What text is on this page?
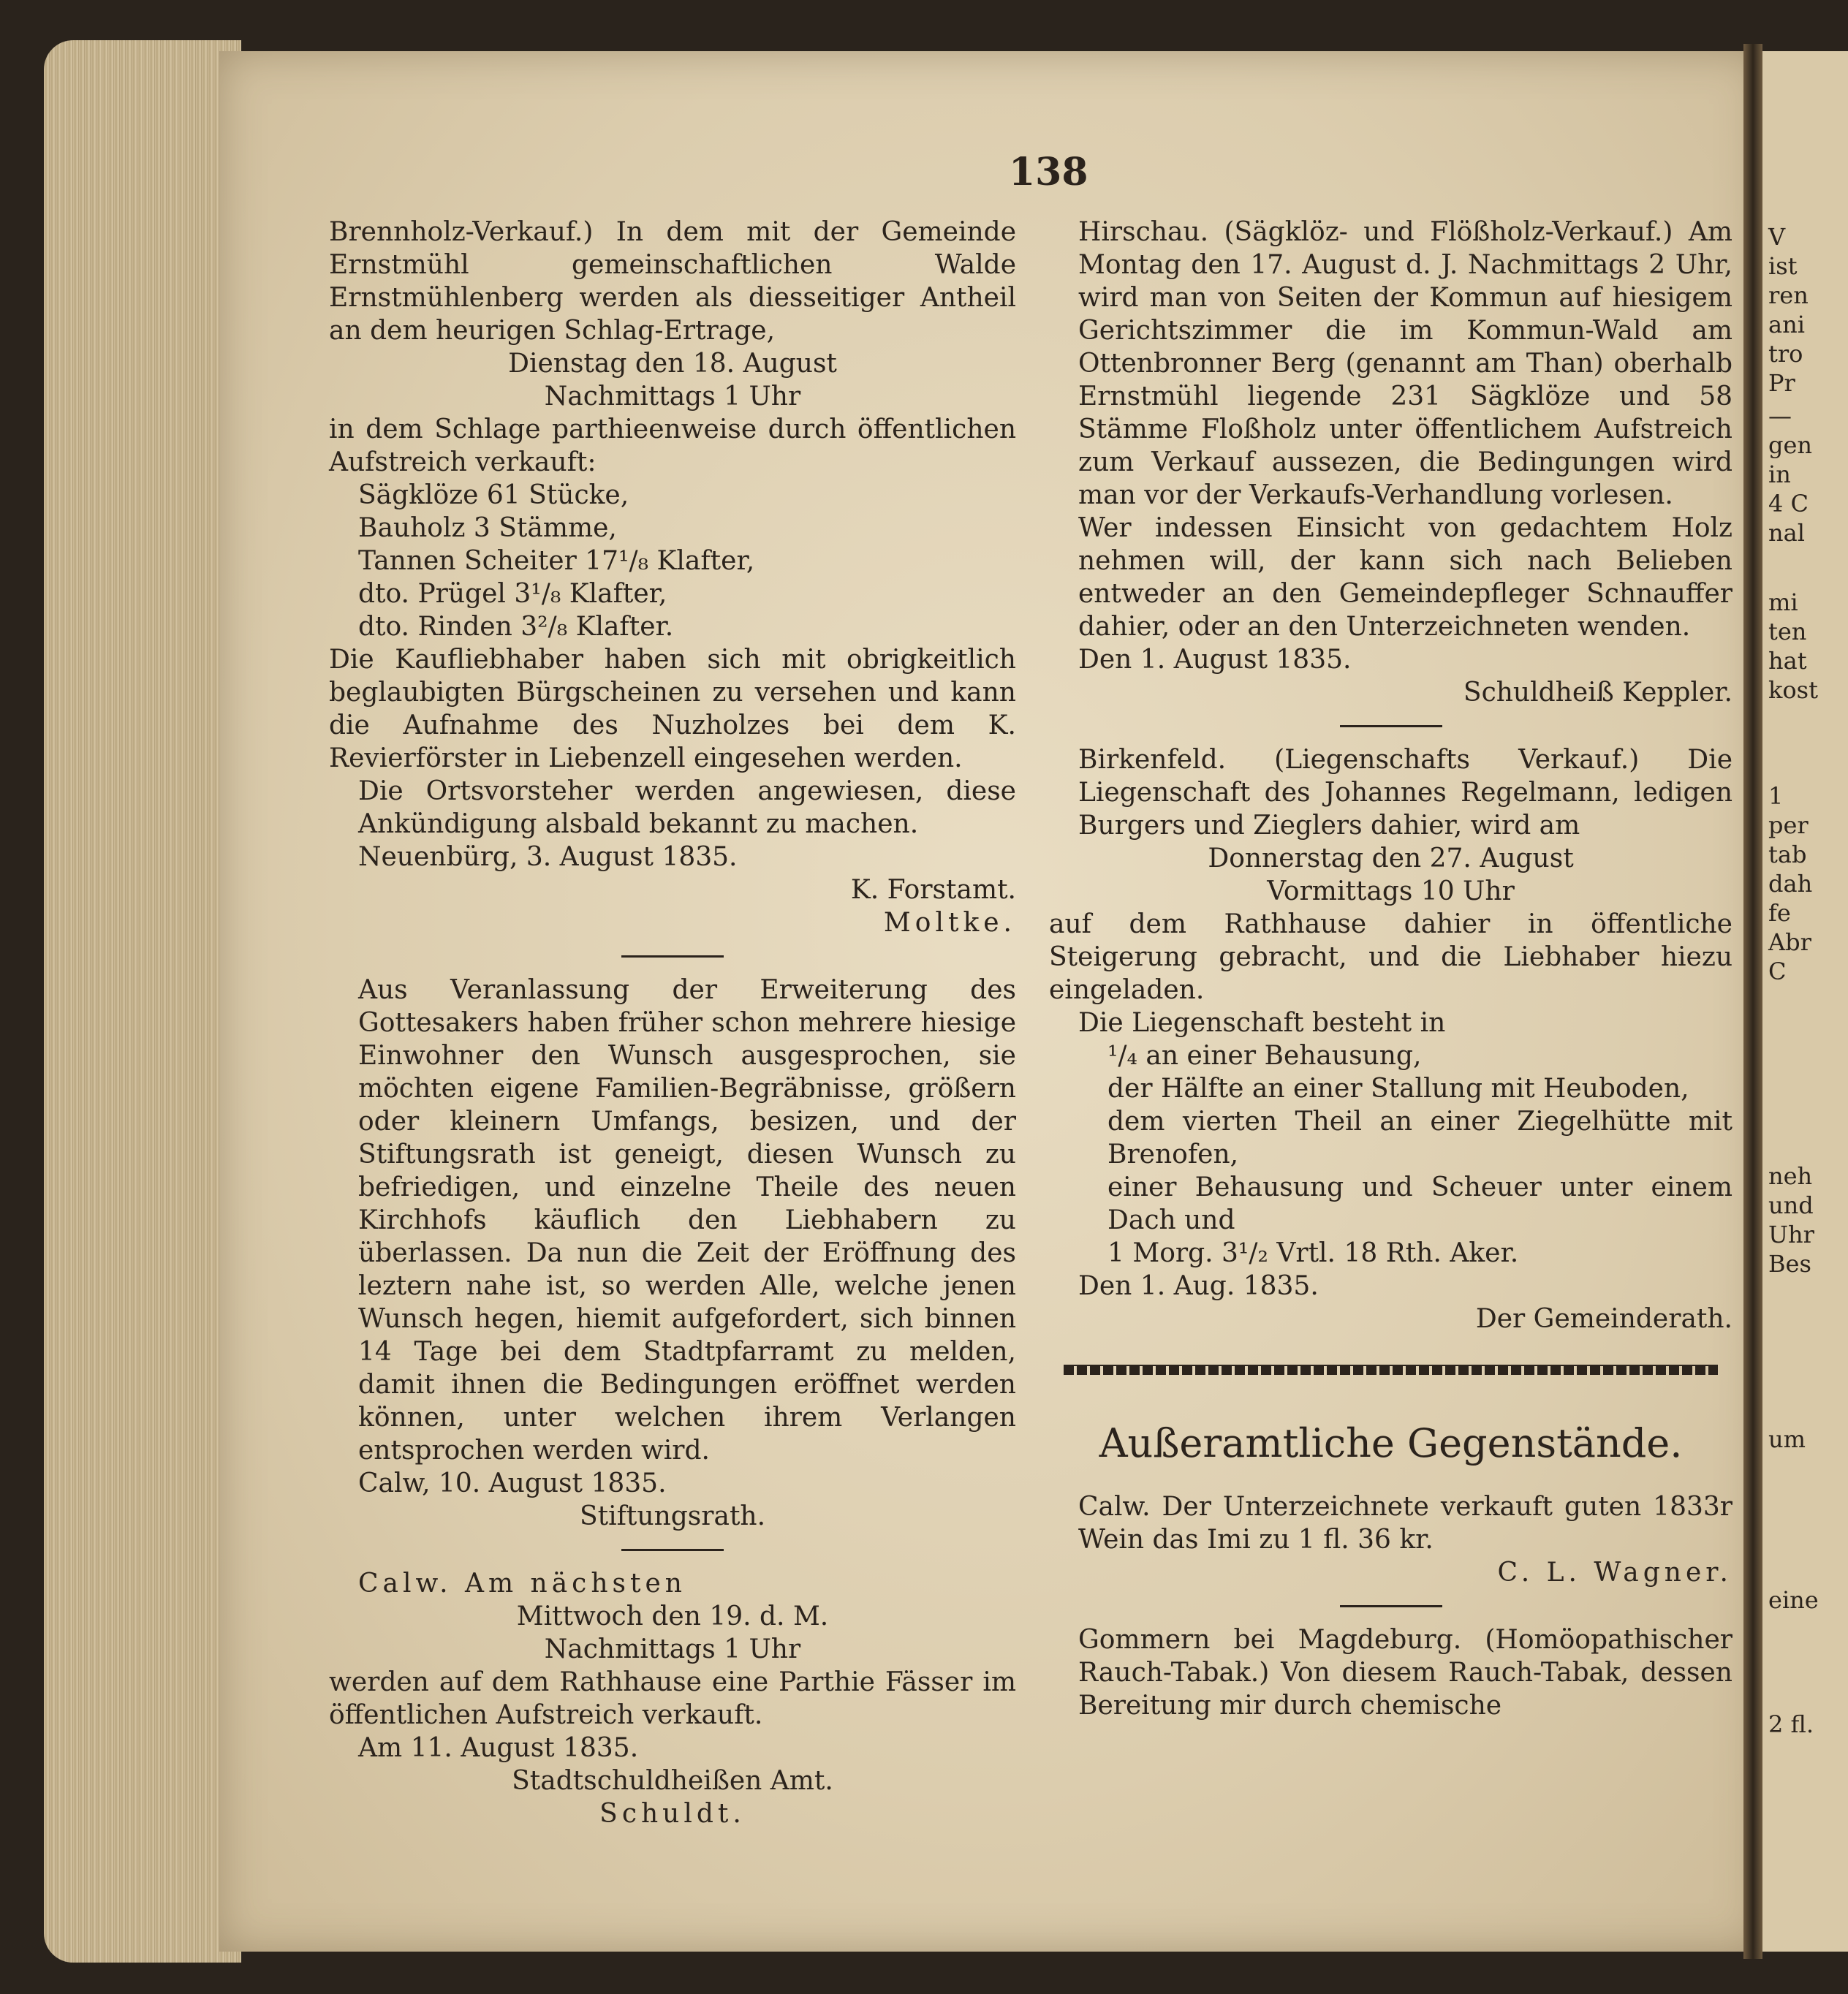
V
ist
ren
ani
tro
Pr
—
gen
in
4 C
nal
mi
ten
hat
kost
1
per
tab
dah
fe
Abr
C
neh
und
Uhr
Bes
um
eine
2 fl.
138

Brennholz-Verkauf.) In dem mit der Gemeinde Ernstmühl gemeinschaftlichen Walde Ernstmühlenberg werden als diesseitiger Antheil an dem heurigen Schlag-Ertrage,

Dienstag den 18. August

Nachmittags 1 Uhr

in dem Schlage parthieenweise durch öffentlichen Aufstreich verkauft:

Sägklöze 61 Stücke,

Bauholz 3 Stämme,

Tannen Scheiter 17¹/₈ Klafter,

dto. Prügel 3¹/₈ Klafter,

dto. Rinden 3²/₈ Klafter.

Die Kaufliebhaber haben sich mit obrigkeitlich beglaubigten Bürgscheinen zu versehen und kann die Aufnahme des Nuzholzes bei dem K. Revierförster in Liebenzell eingesehen werden.

Die Ortsvorsteher werden angewiesen, diese Ankündigung alsbald bekannt zu machen.

Neuenbürg, 3. August 1835.

K. Forstamt.

Moltke.

Aus Veranlassung der Erweiterung des Gottesakers haben früher schon mehrere hiesige Einwohner den Wunsch ausgesprochen, sie möchten eigene Familien-Begräbnisse, größern oder kleinern Umfangs, besizen, und der Stiftungsrath ist geneigt, diesen Wunsch zu befriedigen, und einzelne Theile des neuen Kirchhofs käuflich den Liebhabern zu überlassen. Da nun die Zeit der Eröffnung des leztern nahe ist, so werden Alle, welche jenen Wunsch hegen, hiemit aufgefordert, sich binnen 14 Tage bei dem Stadtpfarramt zu melden, damit ihnen die Bedingungen eröffnet werden können, unter welchen ihrem Verlangen entsprochen werden wird.

Calw, 10. August 1835.

Stiftungsrath.

Calw. Am nächsten

Mittwoch den 19. d. M.

Nachmittags 1 Uhr

werden auf dem Rathhause eine Parthie Fässer im öffentlichen Aufstreich verkauft.

Am 11. August 1835.

Stadtschuldheißen Amt.

Schuldt.

Hirschau. (Sägklöz- und Flößholz-Verkauf.) Am Montag den 17. August d. J. Nachmittags 2 Uhr, wird man von Seiten der Kommun auf hiesigem Gerichtszimmer die im Kommun-Wald am Ottenbronner Berg (genannt am Than) oberhalb Ernstmühl liegende 231 Sägklöze und 58 Stämme Floßholz unter öffentlichem Aufstreich zum Verkauf aussezen, die Bedingungen wird man vor der Verkaufs-Verhandlung vorlesen.

Wer indessen Einsicht von gedachtem Holz nehmen will, der kann sich nach Belieben entweder an den Gemeindepfleger Schnauffer dahier, oder an den Unterzeichneten wenden.

Den 1. August 1835.

Schuldheiß Keppler.

Birkenfeld. (Liegenschafts Verkauf.) Die Liegenschaft des Johannes Regelmann, ledigen Burgers und Zieglers dahier, wird am

Donnerstag den 27. August

Vormittags 10 Uhr

auf dem Rathhause dahier in öffentliche Steigerung gebracht, und die Liebhaber hiezu eingeladen.

Die Liegenschaft besteht in

¹/₄ an einer Behausung,

der Hälfte an einer Stallung mit Heuboden,

dem vierten Theil an einer Ziegelhütte mit Brenofen,

einer Behausung und Scheuer unter einem Dach und

1 Morg. 3¹/₂ Vrtl. 18 Rth. Aker.

Den 1. Aug. 1835.

Der Gemeinderath.

Außeramtliche Gegenstände.

Calw. Der Unterzeichnete verkauft guten 1833r Wein das Imi zu 1 fl. 36 kr.

C. L. Wagner.

Gommern bei Magdeburg. (Homöopathischer Rauch-Tabak.) Von diesem Rauch-Tabak, dessen Bereitung mir durch chemische
